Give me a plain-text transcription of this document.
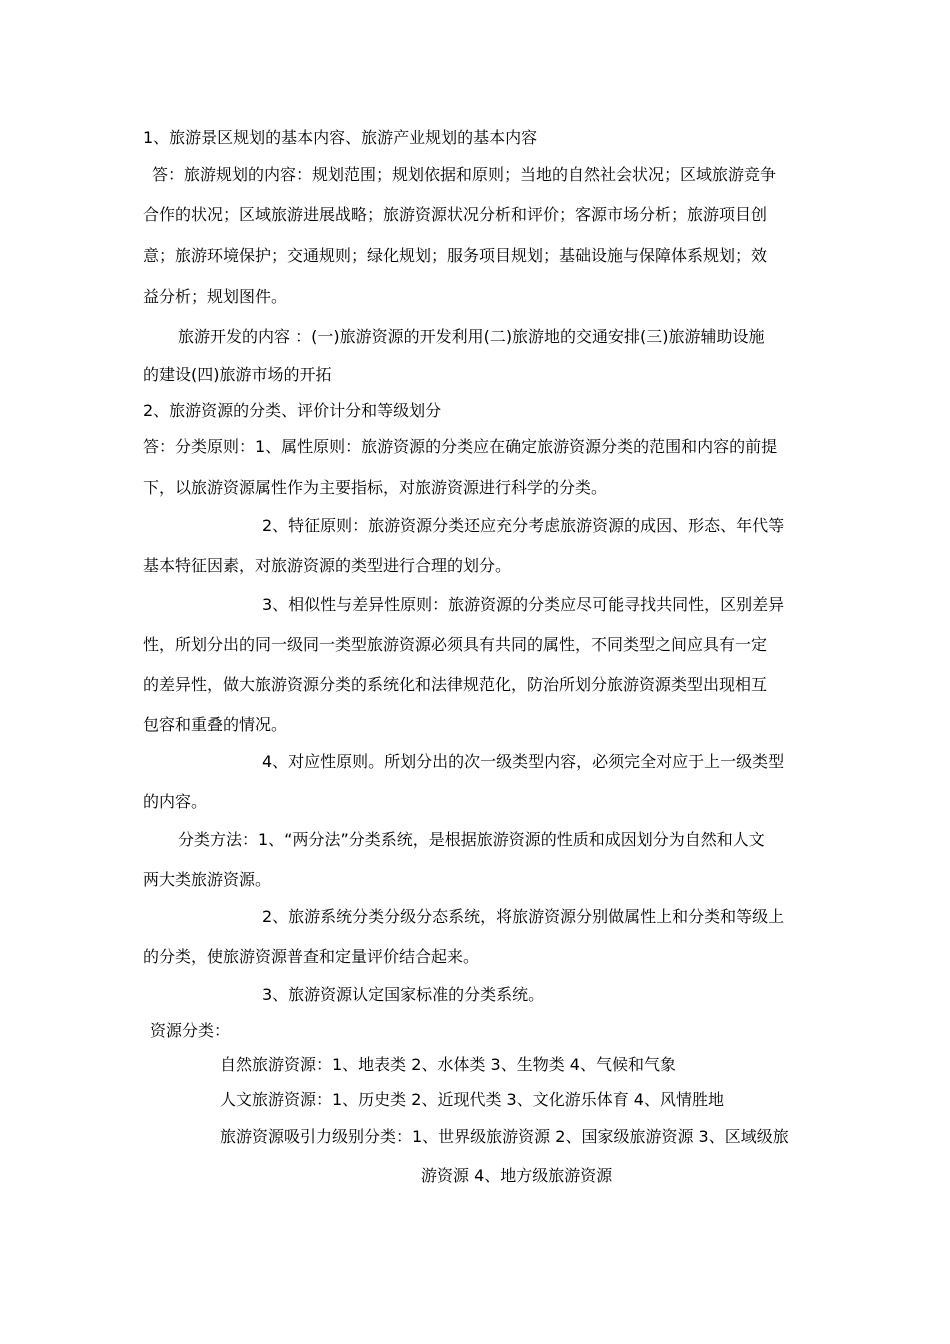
1、旅游景区规划的基本内容、旅游产业规划的基本内容
答：旅游规划的内容：规划范围；规划依据和原则；当地的自然社会状况；区域旅游竞争
合作的状况；区域旅游进展战略；旅游资源状况分析和评价；客源市场分析；旅游项目创
意；旅游环境保护；交通规则；绿化规划；服务项目规划；基础设施与保障体系规划；效
益分析；规划图件。
旅游开发的内容 ：(一)旅游资源的开发利用(二)旅游地的交通安排(三)旅游辅助设施
的建设(四)旅游市场的开拓
2、旅游资源的分类、评价计分和等级划分
答：分类原则：1、属性原则：旅游资源的分类应在确定旅游资源分类的范围和内容的前提
下，以旅游资源属性作为主要指标，对旅游资源进行科学的分类。
2、特征原则：旅游资源分类还应充分考虑旅游资源的成因、形态、年代等
基本特征因素，对旅游资源的类型进行合理的划分。
3、相似性与差异性原则：旅游资源的分类应尽可能寻找共同性，区别差异
性，所划分出的同一级同一类型旅游资源必须具有共同的属性，不同类型之间应具有一定
的差异性，做大旅游资源分类的系统化和法律规范化，防治所划分旅游资源类型出现相互
包容和重叠的情况。
4、对应性原则。所划分出的次一级类型内容，必须完全对应于上一级类型
的内容。
分类方法：1、“两分法”分类系统，是根据旅游资源的性质和成因划分为自然和人文
两大类旅游资源。
2、旅游系统分类分级分态系统，将旅游资源分别做属性上和分类和等级上
的分类，使旅游资源普查和定量评价结合起来。
3、旅游资源认定国家标准的分类系统。
资源分类：
自然旅游资源：1、地表类 2、水体类 3、生物类 4、气候和气象
人文旅游资源：1、历史类 2、近现代类 3、文化游乐体育 4、风情胜地
旅游资源吸引力级别分类：1、世界级旅游资源 2、国家级旅游资源 3、区域级旅
游资源 4、地方级旅游资源
